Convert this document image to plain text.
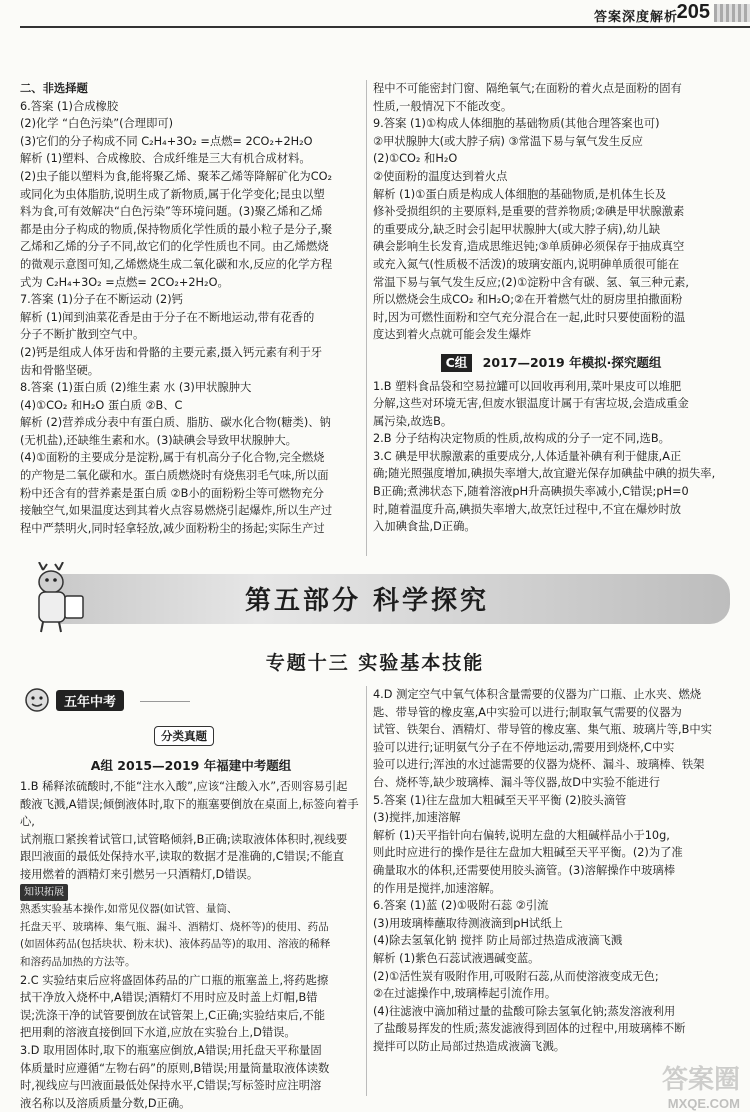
答案深度解析
205

二、非选择题

6.答案 (1)合成橡胶

(2)化学 “白色污染”(合理即可)

(3)它们的分子构成不同 C₂H₄+3O₂ =点燃= 2CO₂+2H₂O

解析 (1)塑料、合成橡胶、合成纤维是三大有机合成材料。

(2)虫子能以塑料为食,能将聚乙烯、聚苯乙烯等降解矿化为CO₂

或同化为虫体脂肪,说明生成了新物质,属于化学变化;昆虫以塑

料为食,可有效解决“白色污染”等环境问题。(3)聚乙烯和乙烯

都是由分子构成的物质,保持物质化学性质的最小粒子是分子,聚

乙烯和乙烯的分子不同,故它们的化学性质也不同。由乙烯燃烧

的微观示意图可知,乙烯燃烧生成二氧化碳和水,反应的化学方程

式为 C₂H₄+3O₂ =点燃= 2CO₂+2H₂O。

7.答案 (1)分子在不断运动 (2)钙

解析 (1)闻到油菜花香是由于分子在不断地运动,带有花香的

分子不断扩散到空气中。

(2)钙是组成人体牙齿和骨骼的主要元素,摄入钙元素有利于牙

齿和骨骼坚硬。

8.答案 (1)蛋白质 (2)维生素 水 (3)甲状腺肿大

(4)①CO₂ 和H₂O 蛋白质 ②B、C

解析 (2)营养成分表中有蛋白质、脂肪、碳水化合物(糖类)、钠

(无机盐),还缺维生素和水。(3)缺碘会导致甲状腺肿大。

(4)①面粉的主要成分是淀粉,属于有机高分子化合物,完全燃烧

的产物是二氧化碳和水。蛋白质燃烧时有烧焦羽毛气味,所以面

粉中还含有的营养素是蛋白质 ②B小的面粉粉尘等可燃物充分

接触空气,如果温度达到其着火点容易燃烧引起爆炸,所以生产过

程中严禁明火,同时轻拿轻放,减少面粉粉尘的扬起;实际生产过

程中不可能密封门窗、隔绝氧气;在面粉的着火点是面粉的固有

性质,一般情况下不能改变。

9.答案 (1)①构成人体细胞的基础物质(其他合理答案也可)

②甲状腺肿大(或大脖子病) ③常温下易与氧气发生反应

(2)①CO₂ 和H₂O

②使面粉的温度达到着火点

解析 (1)①蛋白质是构成人体细胞的基础物质,是机体生长及

修补受损组织的主要原料,是重要的营养物质;②碘是甲状腺激素

的重要成分,缺乏时会引起甲状腺肿大(或大脖子病),幼儿缺

碘会影响生长发育,造成思维迟钝;③单质砷必须保存于抽成真空

或充入氮气(性质极不活泼)的玻璃安瓿内,说明砷单质很可能在

常温下易与氧气发生反应;(2)①淀粉中含有碳、氢、氧三种元素,

所以燃烧会生成CO₂ 和H₂O;②在开着燃气灶的厨房里拍撒面粉

时,因为可燃性面粉和空气充分混合在一起,此时只要使面粉的温

度达到着火点就可能会发生爆炸

C组 2017—2019 年模拟·探究题组

1.B 塑料食品袋和空易拉罐可以回收再利用,菜叶果皮可以堆肥

分解,这些对环境无害,但废水银温度计属于有害垃圾,会造成重金

属污染,故选B。

2.B 分子结构决定物质的性质,故构成的分子一定不同,选B。

3.C 碘是甲状腺激素的重要成分,人体适量补碘有利于健康,A正

确;随光照强度增加,碘损失率增大,故宜避光保存加碘盐中碘的损失率,

B正确;煮沸状态下,随着溶液pH升高碘损失率减小,C错误;pH=0

时,随着温度升高,碘损失率增大,故烹饪过程中,不宜在爆炒时放

入加碘食盐,D正确。

第五部分 科学探究
专题十三 实验基本技能
五年中考
分类真题
A组 2015—2019 年福建中考题组

1.B 稀释浓硫酸时,不能“注水入酸”,应该“注酸入水”,否则容易引起

酸液飞溅,A错误;倾倒液体时,取下的瓶塞要倒放在桌面上,标签向着手心,

试剂瓶口紧挨着试管口,试管略倾斜,B正确;读取液体体积时,视线要

跟凹液面的最低处保持水平,读取的数据才是准确的,C错误;不能直

接用燃着的酒精灯来引燃另一只酒精灯,D错误。

知识拓展

熟悉实验基本操作,如常见仪器(如试管、量筒、

托盘天平、玻璃棒、集气瓶、漏斗、酒精灯、烧杯等)的使用、药品

(如固体药品(包括块状、粉末状)、液体药品等)的取用、溶液的稀释

和溶药品加热的方法等。

2.C 实验结束后应将盛固体药品的广口瓶的瓶塞盖上,将药匙擦

拭干净放入烧杯中,A错误;酒精灯不用时应及时盖上灯帽,B错

误;洗涤干净的试管要倒放在试管架上,C正确;实验结束后,不能

把用剩的溶液直接倒回下水道,应放在实验台上,D错误。

3.D 取用固体时,取下的瓶塞应倒放,A错误;用托盘天平称量固

体质量时应遵循“左物右码”的原则,B错误;用量筒量取液体读数

时,视线应与凹液面最低处保持水平,C错误;写标签时应注明溶

液名称以及溶质质量分数,D正确。

4.D 测定空气中氧气体积含量需要的仪器为广口瓶、止水夹、燃烧

匙、带导管的橡皮塞,A中实验可以进行;制取氧气需要的仪器为

试管、铁架台、酒精灯、带导管的橡皮塞、集气瓶、玻璃片等,B中实

验可以进行;证明氨气分子在不停地运动,需要用到烧杯,C中实

验可以进行;浑浊的水过滤需要的仪器为烧杯、漏斗、玻璃棒、铁架

台、烧杯等,缺少玻璃棒、漏斗等仪器,故D中实验不能进行

5.答案 (1)往左盘加大粗碱至天平平衡 (2)胶头滴管

(3)搅拌,加速溶解

解析 (1)天平指针向右偏转,说明左盘的大粗碱样品小于10g,

则此时应进行的操作是往左盘加大粗碱至天平平衡。(2)为了准

确量取水的体积,还需要使用胶头滴管。(3)溶解操作中玻璃棒

的作用是搅拌,加速溶解。

6.答案 (1)蓝 (2)①吸附石蕊 ②引流

(3)用玻璃棒蘸取待测液滴到pH试纸上

(4)除去氢氧化钠 搅拌 防止局部过热造成液滴飞溅

解析 (1)紫色石蕊试液遇碱变蓝。

(2)①活性炭有吸附作用,可吸附石蕊,从而使溶液变成无色;

②在过滤操作中,玻璃棒起引流作用。

(4)往滤液中滴加稍过量的盐酸可除去氢氧化钠;蒸发溶液利用

了盐酸易挥发的性质;蒸发滤液得到固体的过程中,用玻璃棒不断

搅拌可以防止局部过热造成液滴飞溅。

答案圈
MXQE.COM
